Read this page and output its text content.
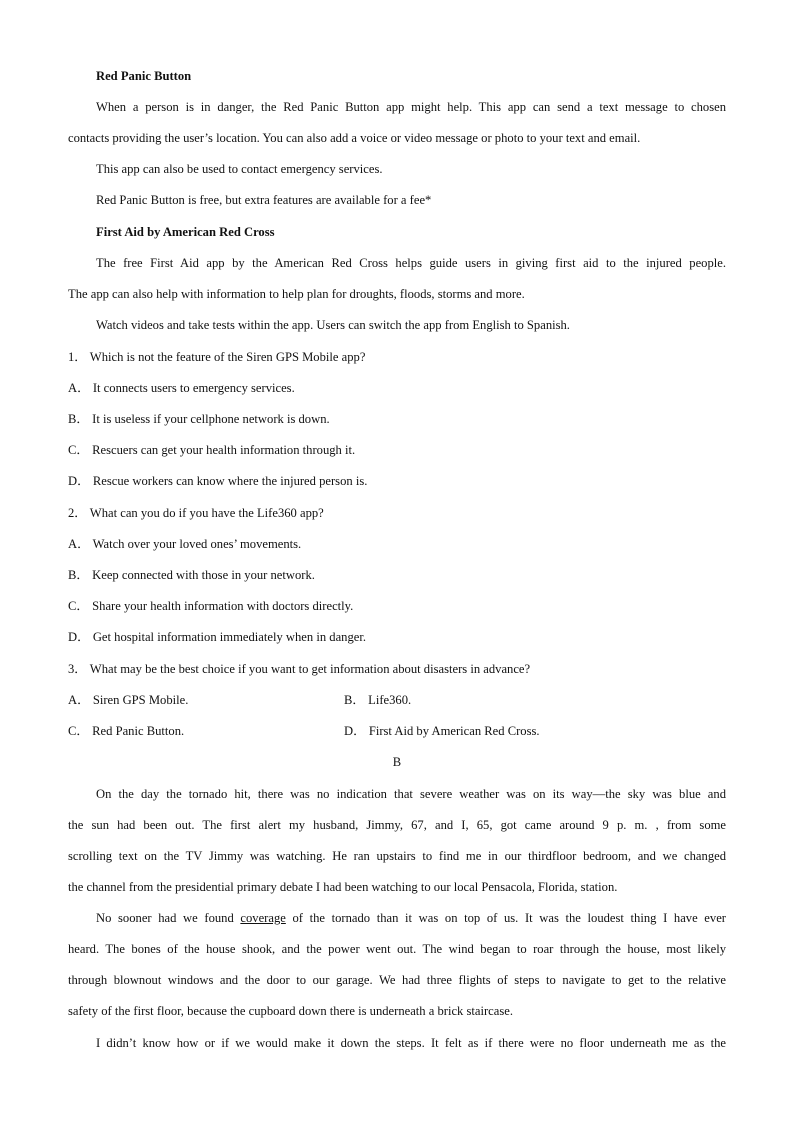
Red Panic Button
When a person is in danger, the Red Panic Button app might help. This app can send a text message to chosen
contacts providing the user’s location. You can also add a voice or video message or photo to your text and email.
This app can also be used to contact emergency services.
Red Panic Button is free, but extra features are available for a fee*
First Aid by American Red Cross
The free First Aid app by the American Red Cross helps guide users in giving first aid to the injured people.
The app can also help with information to help plan for droughts, floods, storms and more.
Watch videos and take tests within the app. Users can switch the app from English to Spanish.
1． Which is not the feature of the Siren GPS Mobile app?
A． It connects users to emergency services.
B． It is useless if your cellphone network is down.
C． Rescuers can get your health information through it.
D． Rescue workers can know where the injured person is.
2． What can you do if you have the Life360 app?
A． Watch over your loved ones’ movements.
B． Keep connected with those in your network.
C． Share your health information with doctors directly.
D． Get hospital information immediately when in danger.
3． What may be the best choice if you want to get information about disasters in advance?
A． Siren GPS Mobile.	B． Life360.
C． Red Panic Button.	D． First Aid by American Red Cross.
B
On the day the tornado hit, there was no indication that severe weather was on its way—the sky was blue and
the sun had been out. The first alert my husband, Jimmy, 67, and I, 65, got came around 9 p. m. , from some
scrolling text on the TV Jimmy was watching. He ran upstairs to find me in our thirdfloor bedroom, and we changed
the channel from the presidential primary debate I had been watching to our local Pensacola, Florida, station.
No sooner had we found coverage of the tornado than it was on top of us. It was the loudest thing I have ever
heard. The bones of the house shook, and the power went out. The wind began to roar through the house, most likely
through blownout windows and the door to our garage. We had three flights of steps to navigate to get to the relative
safety of the first floor, because the cupboard down there is underneath a brick staircase.
I didn’t know how or if we would make it down the steps. It felt as if there were no floor underneath me as the
